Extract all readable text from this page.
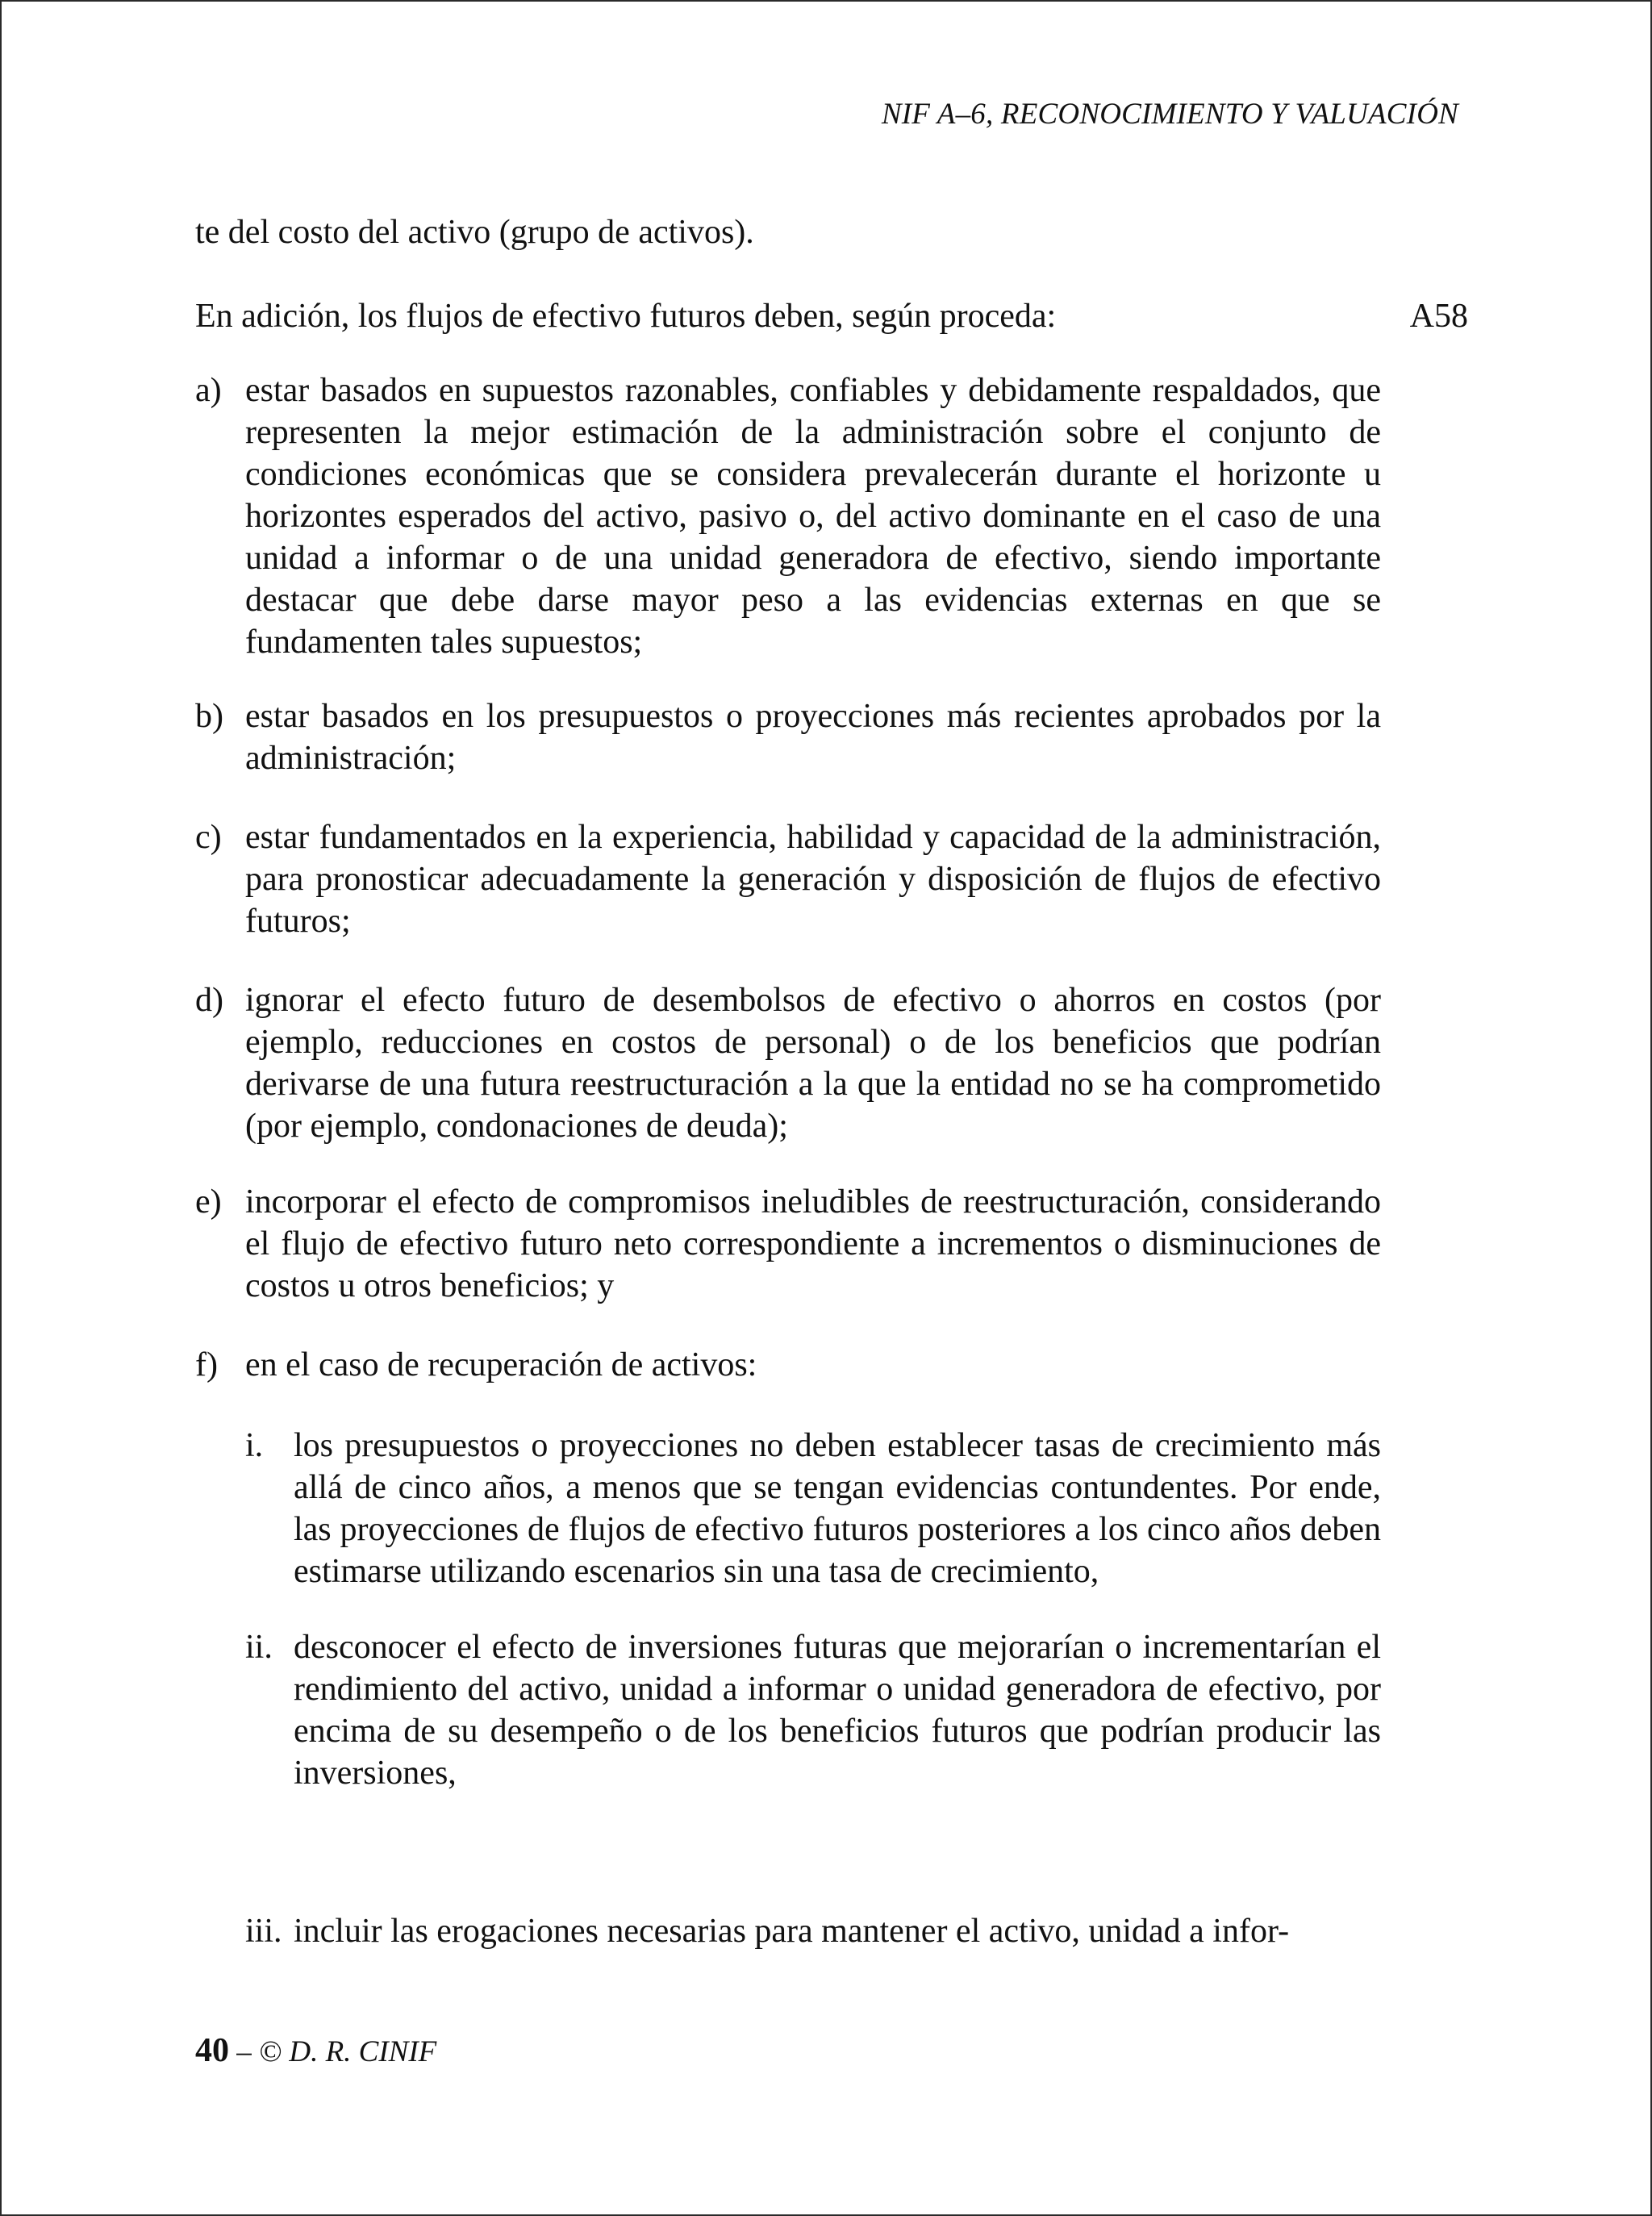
NIF A–6, RECONOCIMIENTO Y VALUACIÓN
te del costo del activo (grupo de activos).
En adición, los flujos de efectivo futuros deben, según proceda:	A58
a) estar basados en supuestos razonables, confiables y debidamente respaldados, que representen la mejor estimación de la administración sobre el conjunto de condiciones económicas que se considera prevalecerán durante el horizonte u horizontes esperados del activo, pasivo o, del activo dominante en el caso de una unidad a informar o de una unidad generadora de efectivo, siendo importante destacar que debe darse mayor peso a las evidencias externas en que se fundamenten tales supuestos;
b) estar basados en los presupuestos o proyecciones más recientes aprobados por la administración;
c) estar fundamentados en la experiencia, habilidad y capacidad de la administración, para pronosticar adecuadamente la generación y disposición de flujos de efectivo futuros;
d) ignorar el efecto futuro de desembolsos de efectivo o ahorros en costos (por ejemplo, reducciones en costos de personal) o de los beneficios que podrían derivarse de una futura reestructuración a la que la entidad no se ha comprometido (por ejemplo, condonaciones de deuda);
e) incorporar el efecto de compromisos ineludibles de reestructuración, considerando el flujo de efectivo futuro neto correspondiente a incrementos o disminuciones de costos u otros beneficios; y
f) en el caso de recuperación de activos:
i. los presupuestos o proyecciones no deben establecer tasas de crecimiento más allá de cinco años, a menos que se tengan evidencias contundentes. Por ende, las proyecciones de flujos de efectivo futuros posteriores a los cinco años deben estimarse utilizando escenarios sin una tasa de crecimiento,
ii. desconocer el efecto de inversiones futuras que mejorarían o incrementarían el rendimiento del activo, unidad a informar o unidad generadora de efectivo, por encima de su desempeño o de los beneficios futuros que podrían producir las inversiones,
iii. incluir las erogaciones necesarias para mantener el activo, unidad a infor-
40 – © D. R. CINIF
